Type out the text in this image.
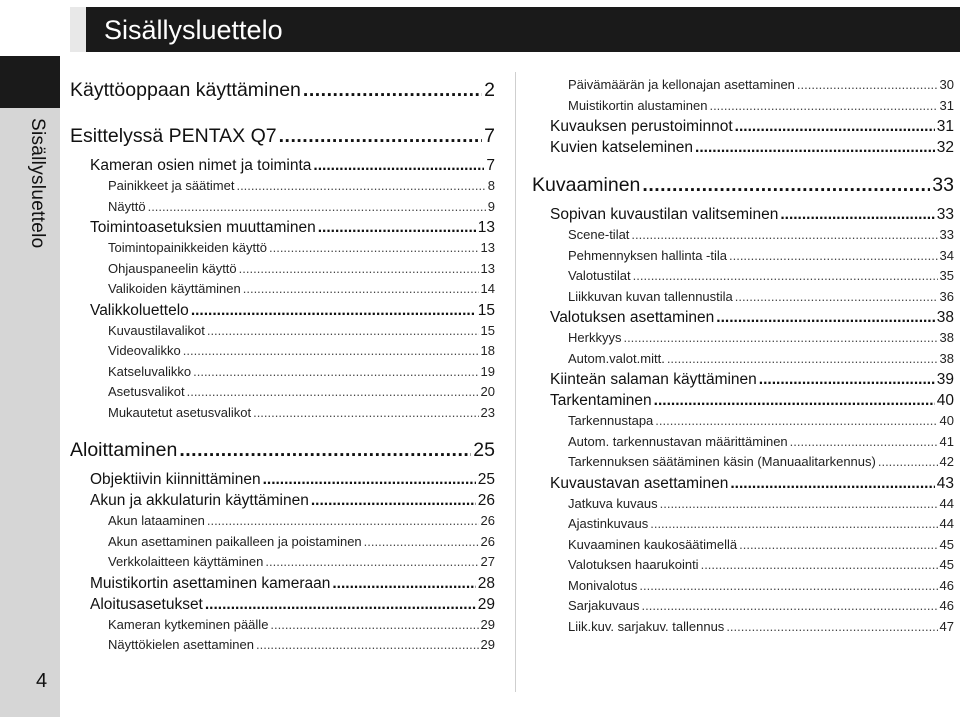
Sisällysluettelo
Sisällysluettelo
4
Käyttöoppaan käyttäminen .....	2
Esittelyssä PENTAX Q7 .....	7
Kameran osien nimet ja toiminta .....	7
Painikkeet ja säätimet .....	8
Näyttö .....	9
Toimintoasetuksien muuttaminen .....	13
Toimintopainikkeiden käyttö .....	13
Ohjauspaneelin käyttö .....	13
Valikoiden käyttäminen .....	14
Valikkoluettelo .....	15
Kuvaustilavalikot .....	15
Videovalikko .....	18
Katseluvalikko .....	19
Asetusvalikot .....	20
Mukautetut asetusvalikot .....	23
Aloittaminen .....	25
Objektiivin kiinnittäminen .....	25
Akun ja akkulaturin käyttäminen .....	26
Akun lataaminen .....	26
Akun asettaminen paikalleen ja poistaminen .....	26
Verkkolaitteen käyttäminen .....	27
Muistikortin asettaminen kameraan .....	28
Aloitusasetukset .....	29
Kameran kytkeminen päälle .....	29
Näyttökielen asettaminen .....	29
Päivämäärän ja kellonajan asettaminen .....	30
Muistikortin alustaminen .....	31
Kuvauksen perustoiminnot .....	31
Kuvien katseleminen .....	32
Kuvaaminen .....	33
Sopivan kuvaustilan valitseminen .....	33
Scene-tilat .....	33
Pehmennyksen hallinta -tila .....	34
Valotustilat .....	35
Liikkuvan kuvan tallennustila .....	36
Valotuksen asettaminen .....	38
Herkkyys .....	38
Autom.valot.mitt. .....	38
Kiinteän salaman käyttäminen .....	39
Tarkentaminen .....	40
Tarkennustapa .....	40
Autom. tarkennustavan määrittäminen .....	41
Tarkennuksen säätäminen käsin (Manuaalitarkennus) .....	42
Kuvaustavan asettaminen .....	43
Jatkuva kuvaus .....	44
Ajastinkuvaus .....	44
Kuvaaminen kaukosäätimellä .....	45
Valotuksen haarukointi .....	45
Monivalotus .....	46
Sarjakuvaus .....	46
Liik.kuv. sarjakuv. tallennus .....	47
